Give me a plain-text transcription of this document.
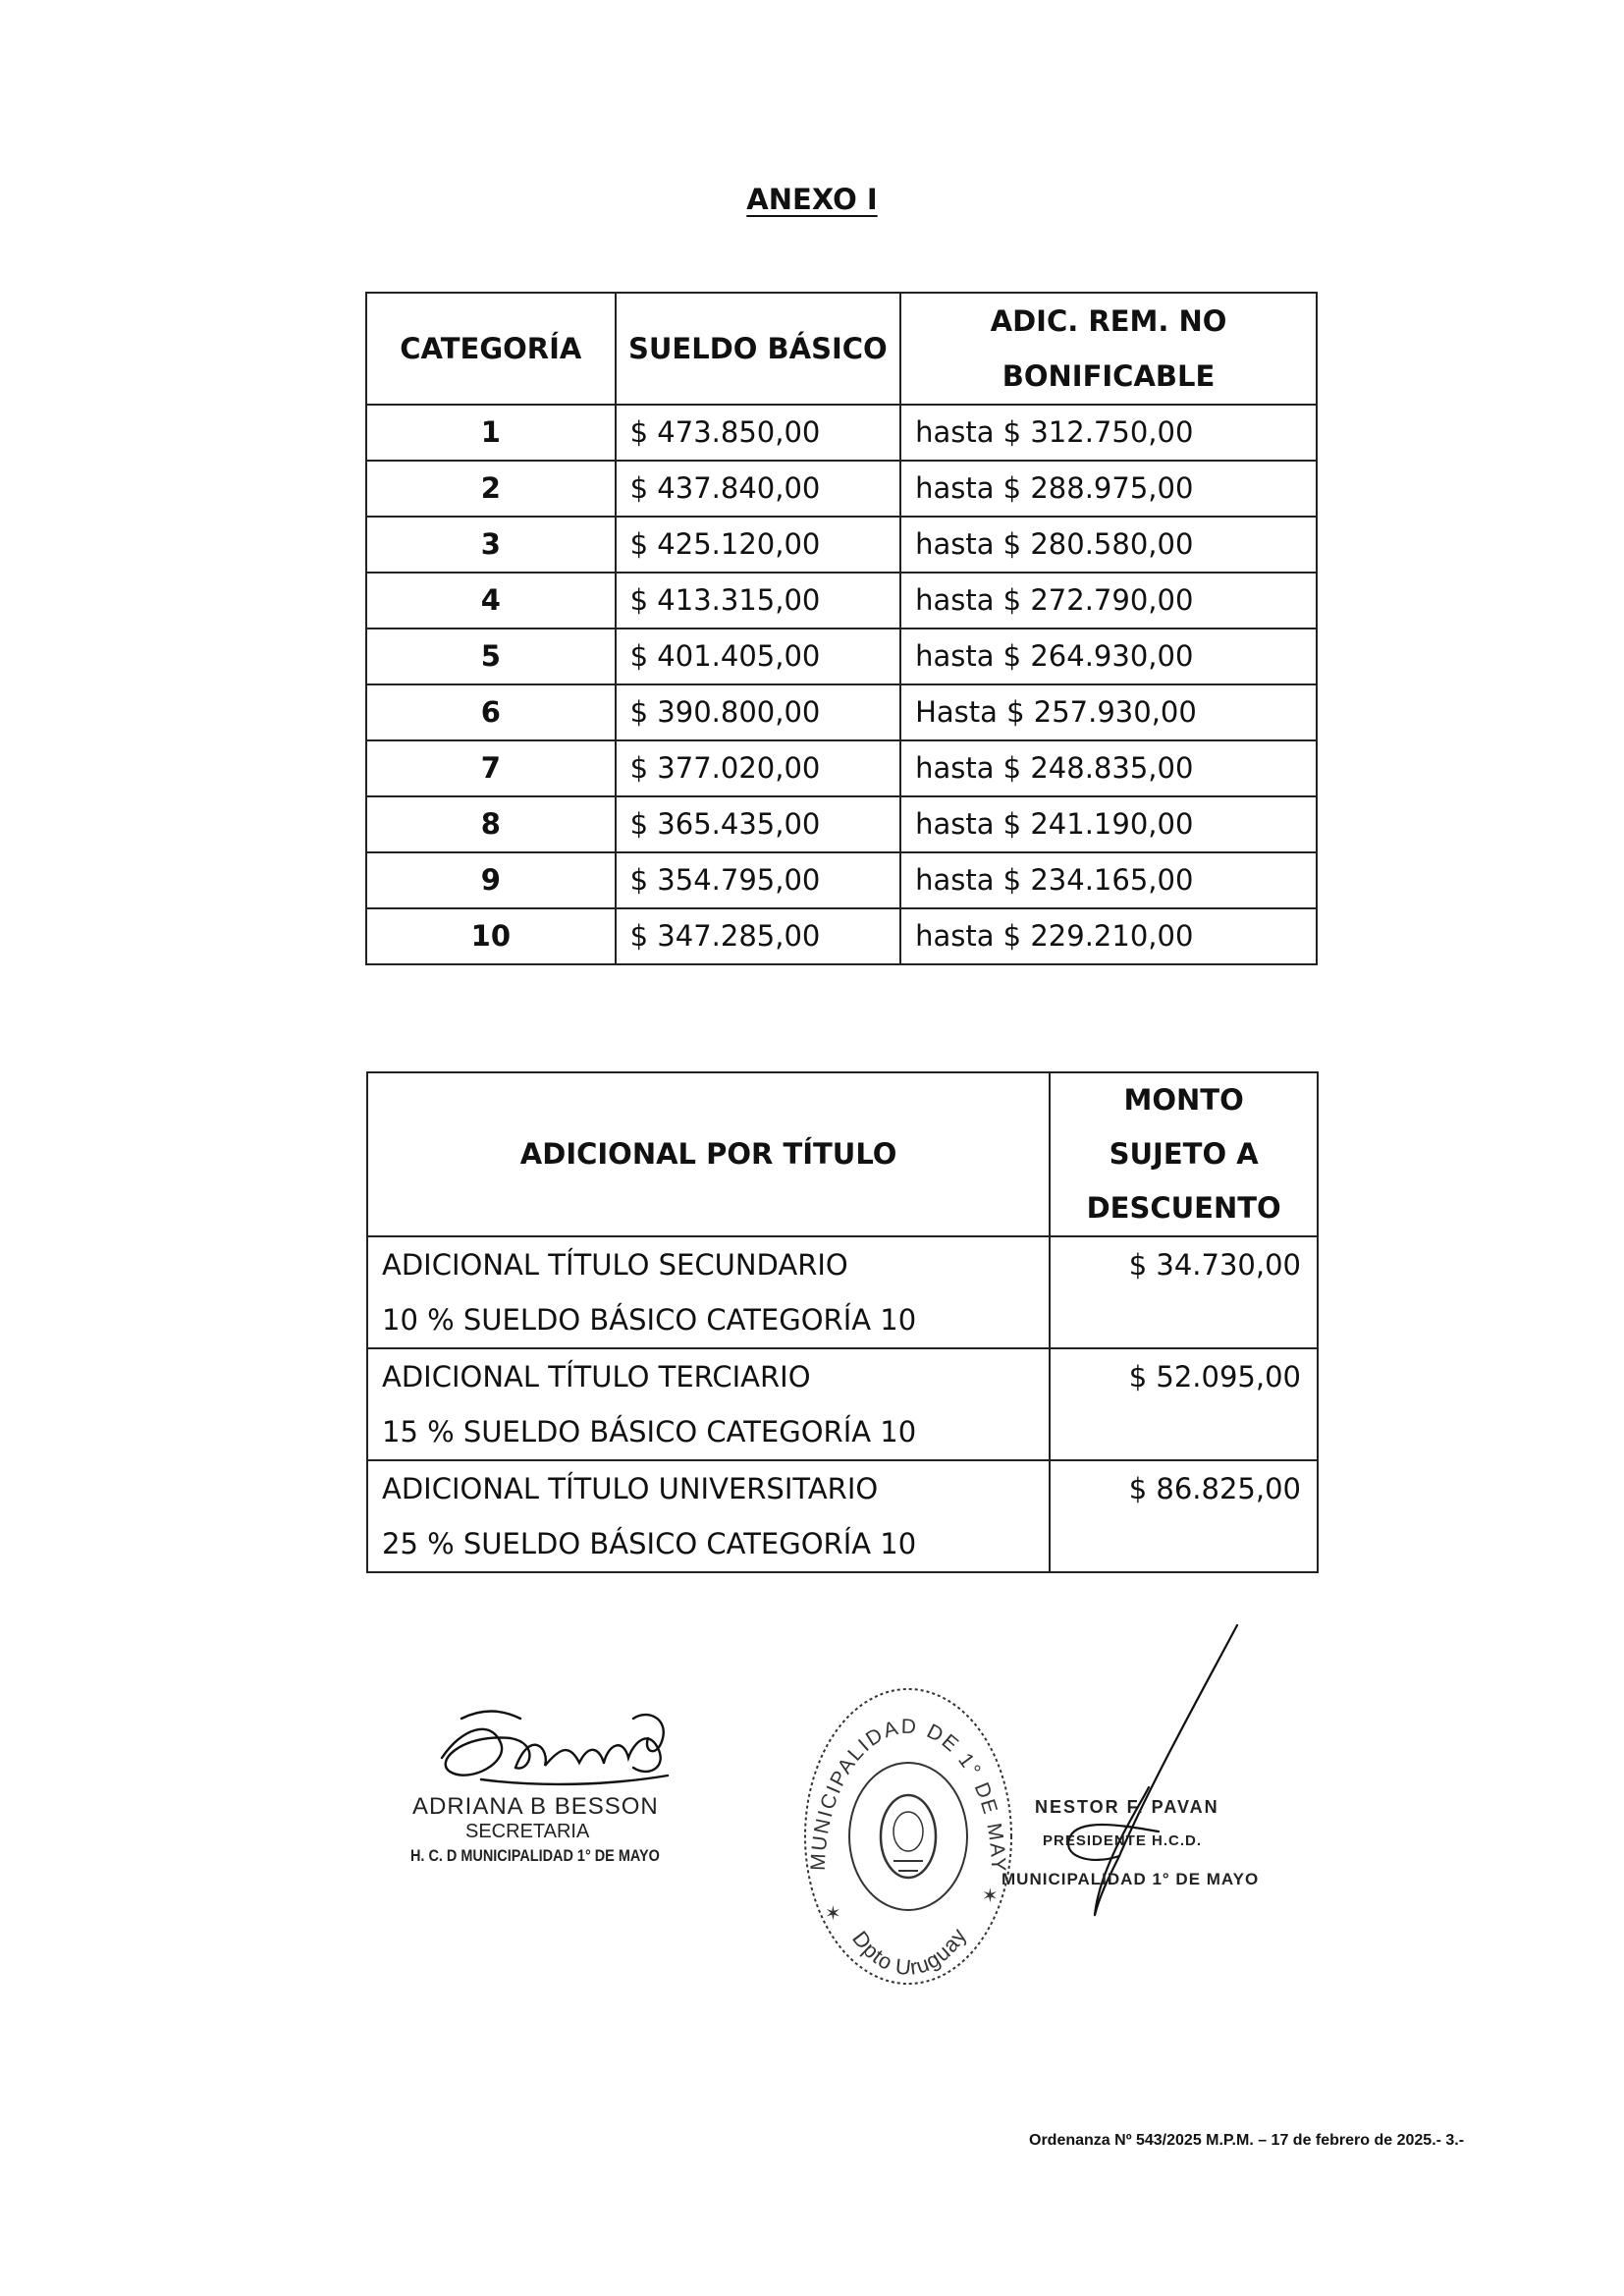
ANEXO I
CATEGORÍA	SUELDO BÁSICO	ADIC. REM. NO
BONIFICABLE

1	$ 473.850,00	hasta $ 312.750,00
2	$ 437.840,00	hasta $ 288.975,00
3	$ 425.120,00	hasta $ 280.580,00
4	$ 413.315,00	hasta $ 272.790,00
5	$ 401.405,00	hasta $ 264.930,00
6	$ 390.800,00	Hasta $ 257.930,00
7	$ 377.020,00	hasta $ 248.835,00
8	$ 365.435,00	hasta $ 241.190,00
9	$ 354.795,00	hasta $ 234.165,00
10	$ 347.285,00	hasta $ 229.210,00
ADICIONAL POR TÍTULO	MONTO
SUJETO A
DESCUENTO

ADICIONAL TÍTULO SECUNDARIO
10 % SUELDO BÁSICO CATEGORÍA 10	$ 34.730,00

ADICIONAL TÍTULO TERCIARIO
15 % SUELDO BÁSICO CATEGORÍA 10	$ 52.095,00

ADICIONAL TÍTULO UNIVERSITARIO
25 % SUELDO BÁSICO CATEGORÍA 10	$ 86.825,00
ADRIANA B BESSON
SECRETARIA
H. C. D MUNICIPALIDAD 1° DE MAYO	MUNICIPALIDAD DE 1° DE MAYO
Dpto Uruguay
✶
✶
NESTOR F. PAVAN
PRESIDENTE H.C.D.
MUNICIPALIDAD 1° DE MAYO
Ordenanza Nº 543/2025 M.P.M. – 17 de febrero de 2025.- 3.-
